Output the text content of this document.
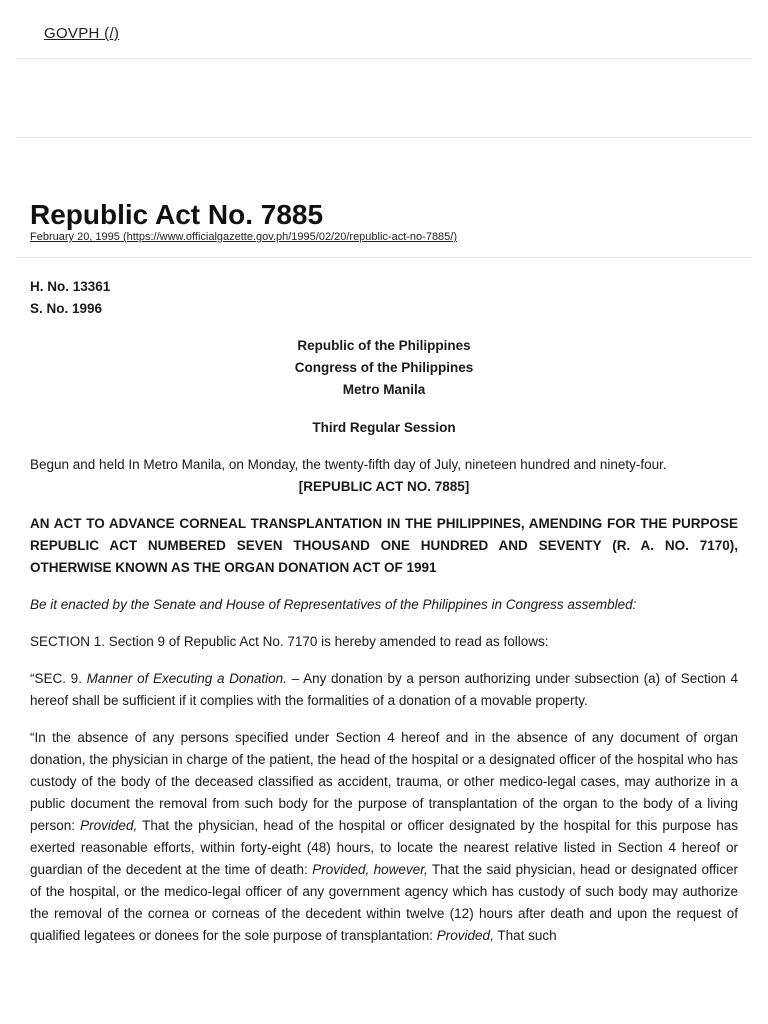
GOVPH (/)
Republic Act No. 7885
February 20, 1995 (https://www.officialgazette.gov.ph/1995/02/20/republic-act-no-7885/)

H. No. 13361

S. No. 1996

Republic of the Philippines

Congress of the Philippines

Metro Manila

Third Regular Session

Begun and held In Metro Manila, on Monday, the twenty-fifth day of July, nineteen hundred and ninety-four.

[REPUBLIC ACT NO. 7885]

AN ACT TO ADVANCE CORNEAL TRANSPLANTATION IN THE PHILIPPINES, AMENDING FOR THE PURPOSE REPUBLIC ACT NUMBERED SEVEN THOUSAND ONE HUNDRED AND SEVENTY (R. A. NO. 7170), OTHERWISE KNOWN AS THE ORGAN DONATION ACT OF 1991

Be it enacted by the Senate and House of Representatives of the Philippines in Congress assembled:

SECTION 1. Section 9 of Republic Act No. 7170 is hereby amended to read as follows:

“SEC. 9. Manner of Executing a Donation. – Any donation by a person authorizing under subsection (a) of Section 4 hereof shall be sufficient if it complies with the formalities of a donation of a movable property.

“In the absence of any persons specified under Section 4 hereof and in the absence of any document of organ donation, the physician in charge of the patient, the head of the hospital or a designated officer of the hospital who has custody of the body of the deceased classified as accident, trauma, or other medico-legal cases, may authorize in a public document the removal from such body for the purpose of transplantation of the organ to the body of a living person: Provided, That the physician, head of the hospital or officer designated by the hospital for this purpose has exerted reasonable efforts, within forty-eight (48) hours, to locate the nearest relative listed in Section 4 hereof or guardian of the decedent at the time of death: Provided, however, That the said physician, head or designated officer of the hospital, or the medico-legal officer of any government agency which has custody of such body may authorize the removal of the cornea or corneas of the decedent within twelve (12) hours after death and upon the request of qualified legatees or donees for the sole purpose of transplantation: Provided, That such
